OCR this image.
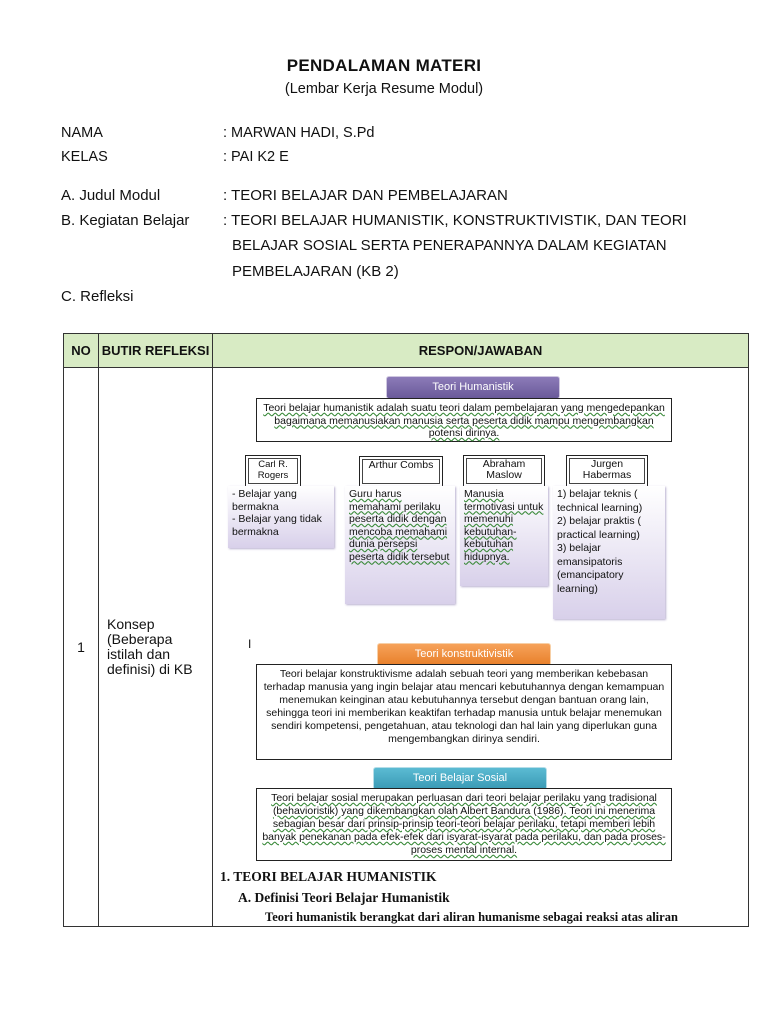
PENDALAMAN MATERI
(Lembar Kerja Resume Modul)
NAMA	: MARWAN HADI, S.Pd
KELAS	: PAI K2 E
A. Judul Modul	: TEORI BELAJAR DAN PEMBELAJARAN
B. Kegiatan Belajar : TEORI BELAJAR HUMANISTIK, KONSTRUKTIVISTIK, DAN TEORI
BELAJAR SOSIAL SERTA PENERAPANNYA DALAM KEGIATAN
PEMBELAJARAN (KB 2)
C. Refleksi
NO	BUTIR REFLEKSI	RESPON/JAWABAN
1	Konsep (Beberapa istilah dan definisi) di KB	

Teori Humanistik
Teori belajar humanistik adalah suatu teori dalam pembelajaran yang mengedepankan bagaimana memanusiakan manusia serta peserta didik mampu mengembangkan potensi dirinya.
Carl R. Rogers
- Belajar yang bermakna
- Belajar yang tidak bermakna
Arthur Combs
Guru harus memahami perilaku peserta didik dengan mencoba memahami dunia persepsi peserta didik tersebut
Abraham Maslow
Manusia termotivasi untuk memenuhi kebutuhan-kebutuhan hidupnya.
Jurgen Habermas
1) belajar teknis ( technical learning)
2) belajar praktis ( practical learning)
3) belajar emansipatoris (emancipatory learning)
I
Teori konstruktivistik
Teori belajar konstruktivisme adalah sebuah teori yang memberikan kebebasan terhadap manusia yang ingin belajar atau mencari kebutuhannya dengan kemampuan menemukan keinginan atau kebutuhannya tersebut dengan bantuan orang lain,
sehingga teori ini memberikan keaktifan terhadap manusia untuk belajar menemukan sendiri kompetensi, pengetahuan, atau teknologi dan hal lain yang diperlukan guna mengembangkan dirinya sendiri.
Teori Belajar Sosial
Teori belajar sosial merupakan perluasan dari teori belajar perilaku yang tradisional (behavioristik) yang dikembangkan olah Albert Bandura (1986). Teori ini menerima sebagian besar dari prinsip-prinsip teori-teori belajar perilaku, tetapi memberi lebih banyak penekanan pada efek-efek dari isyarat-isyarat pada perilaku, dan pada proses-proses mental internal.
1. TEORI BELAJAR HUMANISTIK
A. Definisi Teori Belajar Humanistik
Teori humanistik berangkat dari aliran humanisme sebagai reaksi atas aliran
